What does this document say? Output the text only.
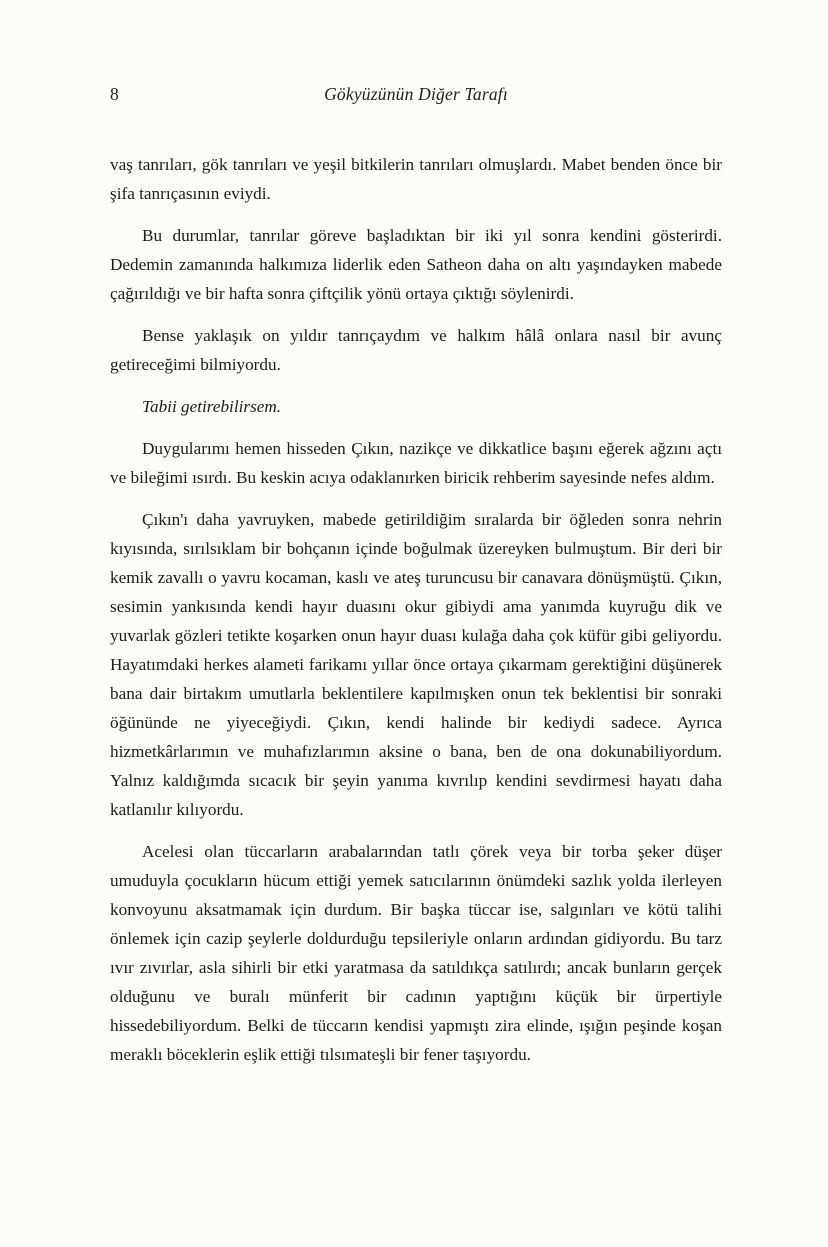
8	Gökyüzünün Diğer Tarafı

vaş tanrıları, gök tanrıları ve yeşil bitkilerin tanrıları olmuşlardı. Mabet benden önce bir şifa tanrıçasının eviydi.

Bu durumlar, tanrılar göreve başladıktan bir iki yıl sonra kendini gösterirdi. Dedemin zamanında halkımıza liderlik eden Satheon daha on altı yaşındayken mabede çağırıldığı ve bir hafta sonra çiftçilik yönü ortaya çıktığı söylenirdi.

Bense yaklaşık on yıldır tanrıçaydım ve halkım hâlâ onlara nasıl bir avunç getireceğimi bilmiyordu.

Tabii getirebilirsem.

Duygularımı hemen hisseden Çıkın, nazikçe ve dikkatlice başını eğerek ağzını açtı ve bileğimi ısırdı. Bu keskin acıya odaklanırken biricik rehberim sayesinde nefes aldım.

Çıkın'ı daha yavruyken, mabede getirildiğim sıralarda bir öğleden sonra nehrin kıyısında, sırılsıklam bir bohçanın içinde boğulmak üzereyken bulmuştum. Bir deri bir kemik zavallı o yavru kocaman, kaslı ve ateş turuncusu bir canavara dönüşmüştü. Çıkın, sesimin yankısında kendi hayır duasını okur gibiydi ama yanımda kuyruğu dik ve yuvarlak gözleri tetikte koşarken onun hayır duası kulağa daha çok küfür gibi geliyordu. Hayatımdaki herkes alameti farikamı yıllar önce ortaya çıkarmam gerektiğini düşünerek bana dair birtakım umutlarla beklentilere kapılmışken onun tek beklentisi bir sonraki öğününde ne yiyeceğiydi. Çıkın, kendi halinde bir kediydi sadece. Ayrıca hizmetkârlarımın ve muhafızlarımın aksine o bana, ben de ona dokunabiliyordum. Yalnız kaldığımda sıcacık bir şeyin yanıma kıvrılıp kendini sevdirmesi hayatı daha katlanılır kılıyordu.

Acelesi olan tüccarların arabalarından tatlı çörek veya bir torba şeker düşer umuduyla çocukların hücum ettiği yemek satıcılarının önümdeki sazlık yolda ilerleyen konvoyunu aksatmamak için durdum. Bir başka tüccar ise, salgınları ve kötü talihi önlemek için cazip şeylerle doldurduğu tepsileriyle onların ardından gidiyordu. Bu tarz ıvır zıvırlar, asla sihirli bir etki yaratmasa da satıldıkça satılırdı; ancak bunların gerçek olduğunu ve buralı münferit bir cadının yaptığını küçük bir ürpertiyle hissedebiliyordum. Belki de tüccarın kendisi yapmıştı zira elinde, ışığın peşinde koşan meraklı böceklerin eşlik ettiği tılsımateşli bir fener taşıyordu.
